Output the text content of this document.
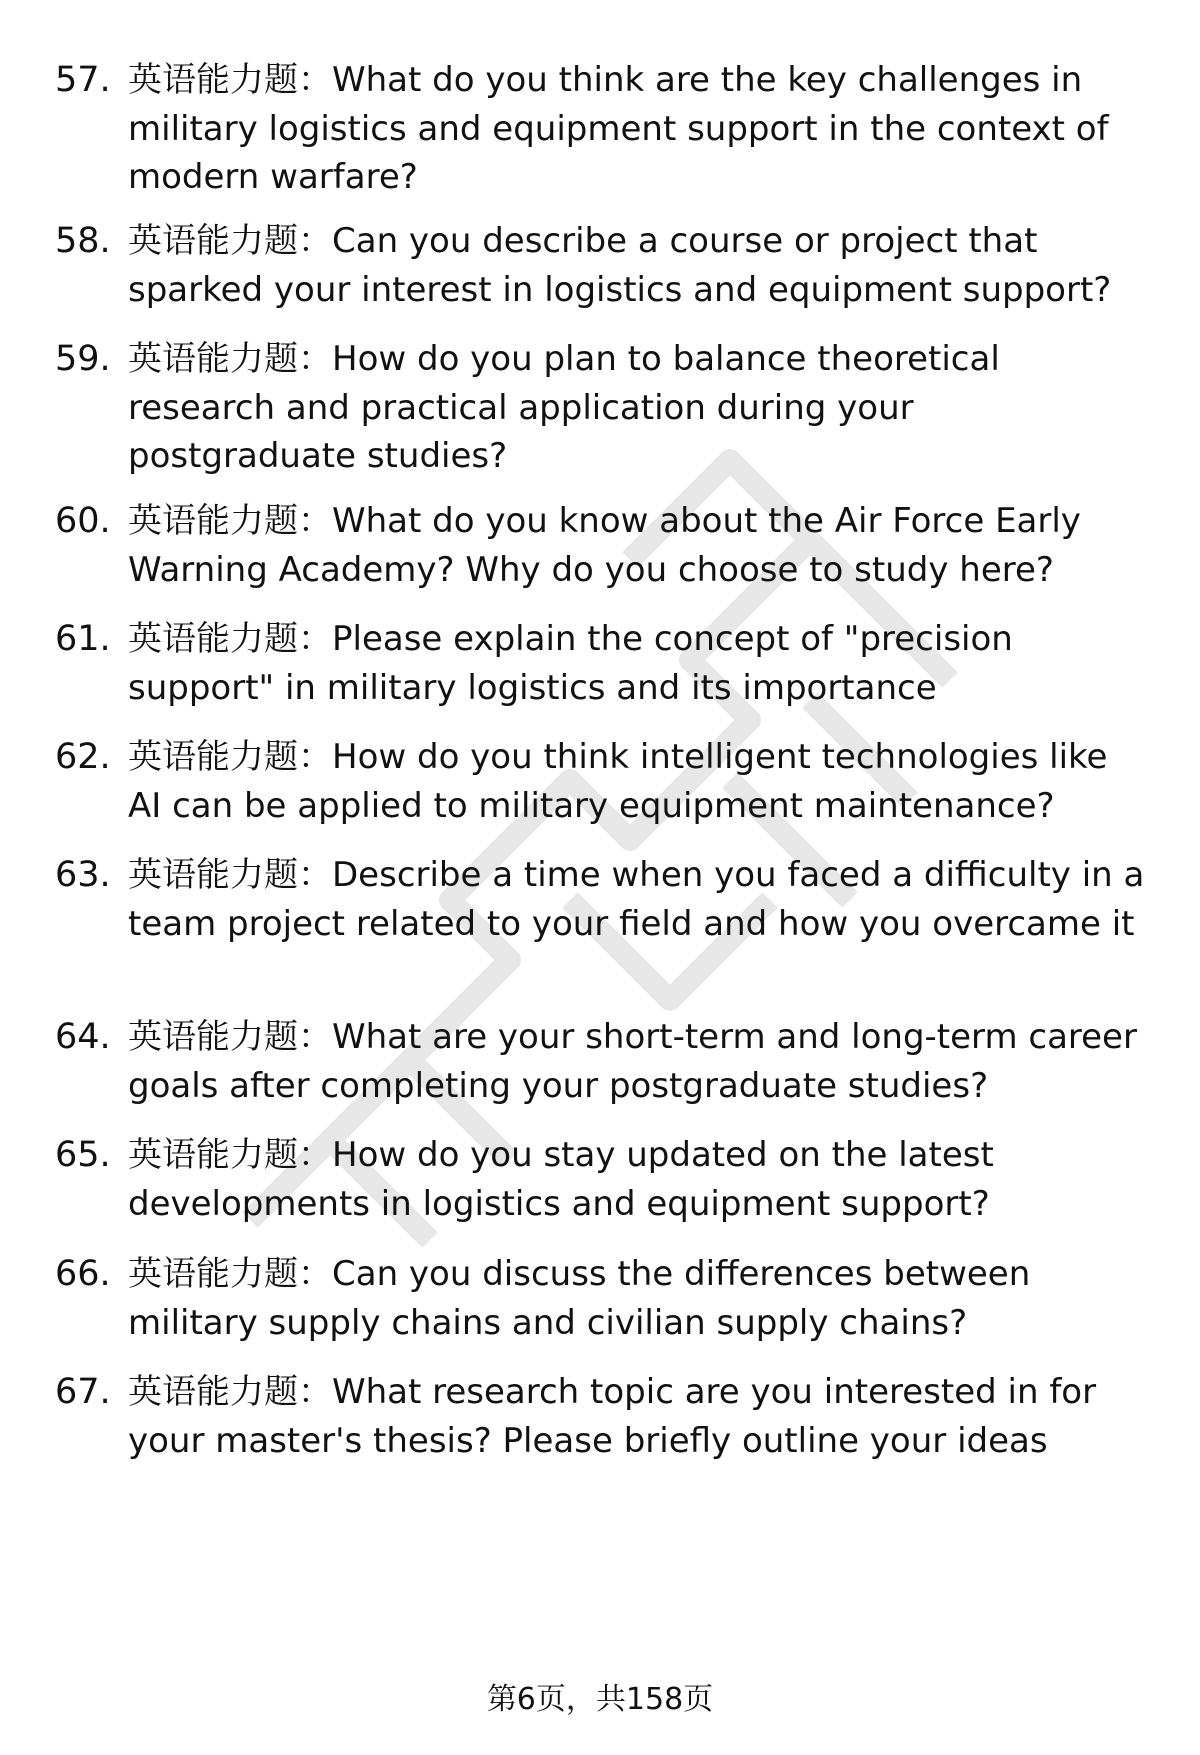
57. 英语能力题：What do you think are the key challenges in military logistics and equipment support in the context of modern warfare?
58. 英语能力题：Can you describe a course or project that sparked your interest in logistics and equipment support?
59. 英语能力题：How do you plan to balance theoretical research and practical application during your postgraduate studies?
60. 英语能力题：What do you know about the Air Force Early Warning Academy? Why do you choose to study here?
61. 英语能力题：Please explain the concept of "precision support" in military logistics and its importance
62. 英语能力题：How do you think intelligent technologies like AI can be applied to military equipment maintenance?
63. 英语能力题：Describe a time when you faced a difficulty in a team project related to your field and how you overcame it
64. 英语能力题：What are your short-term and long-term career goals after completing your postgraduate studies?
65. 英语能力题：How do you stay updated on the latest developments in logistics and equipment support?
66. 英语能力题：Can you discuss the differences between military supply chains and civilian supply chains?
67. 英语能力题：What research topic are you interested in for your master's thesis? Please briefly outline your ideas
第6页，共158页
